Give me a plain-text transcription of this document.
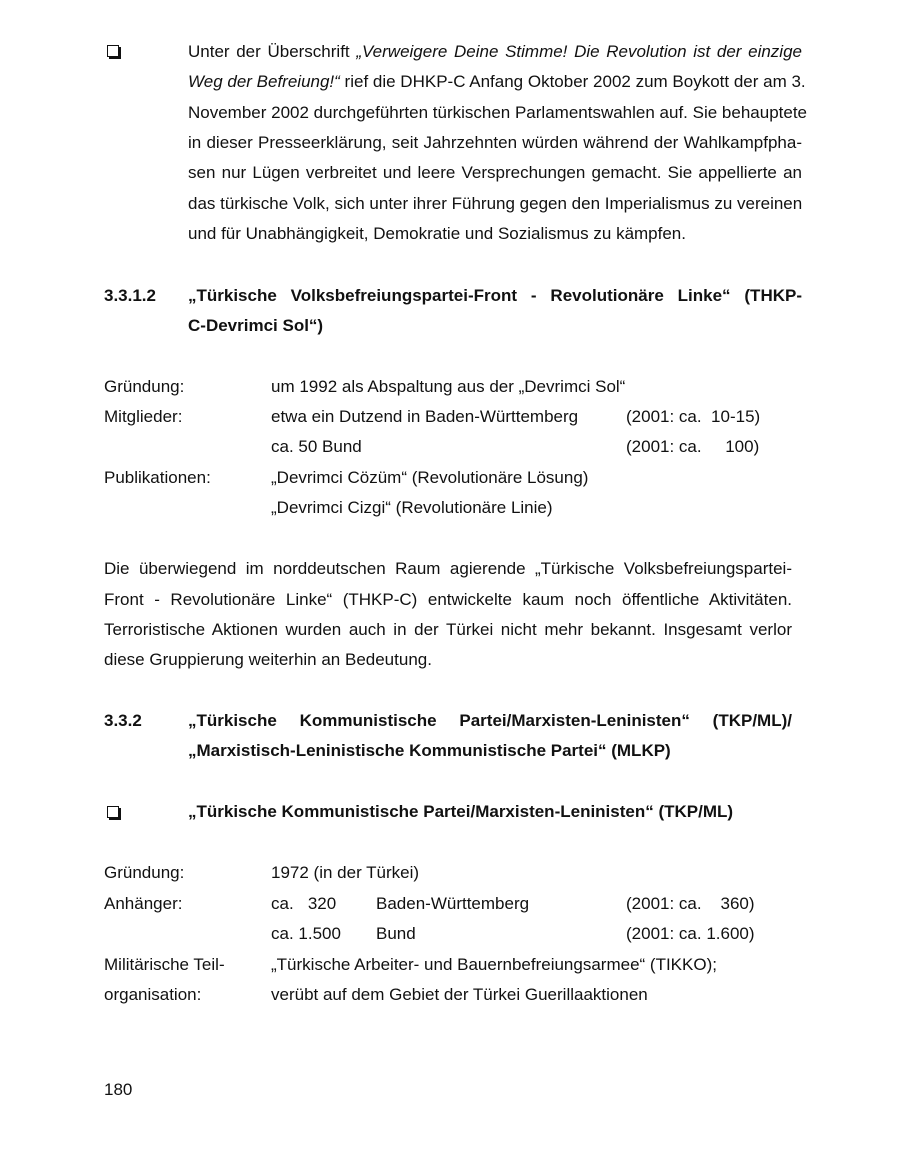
Unter der Überschrift „Verweigere Deine Stimme! Die Revolution ist der einzige
Weg der Befreiung!“ rief die DHKP-C Anfang Oktober 2002 zum Boykott der am 3.
November 2002 durchgeführten türkischen Parlamentswahlen auf. Sie behauptete
in dieser Presseerklärung, seit Jahrzehnten würden während der Wahlkampfpha-
sen nur Lügen verbreitet und leere Versprechungen gemacht. Sie appellierte an
das türkische Volk, sich unter ihrer Führung gegen den Imperialismus zu vereinen
und für Unabhängigkeit, Demokratie und Sozialismus zu kämpfen.
3.3.1.2 „Türkische Volksbefreiungspartei-Front - Revolutionäre Linke“ (THKP-
C-Devrimci Sol“)
Gründung:	um 1992 als Abspaltung aus der „Devrimci Sol“
Mitglieder:	etwa ein Dutzend in Baden-Württemberg	(2001: ca.  10-15)
ca. 50 Bund	(2001: ca.     100)
Publikationen:	„Devrimci Cözüm“ (Revolutionäre Lösung)
„Devrimci Cizgi“ (Revolutionäre Linie)
Die überwiegend im norddeutschen Raum agierende „Türkische Volksbefreiungspartei-
Front - Revolutionäre Linke“ (THKP-C) entwickelte kaum noch öffentliche Aktivitäten.
Terroristische Aktionen wurden auch in der Türkei nicht mehr bekannt. Insgesamt verlor
diese Gruppierung weiterhin an Bedeutung.
3.3.2	„Türkische Kommunistische Partei/Marxisten-Leninisten“ (TKP/ML)/
„Marxistisch-Leninistische Kommunistische Partei“ (MLKP)
„Türkische Kommunistische Partei/Marxisten-Leninisten“ (TKP/ML)
Gründung:	1972 (in der Türkei)
Anhänger:	ca.   320 Baden-Württemberg	(2001: ca.    360)
ca. 1.500 Bund	(2001: ca. 1.600)
Militärische Teil-	„Türkische Arbeiter- und Bauernbefreiungsarmee“ (TIKKO);
organisation:	verübt auf dem Gebiet der Türkei Guerillaaktionen
180
